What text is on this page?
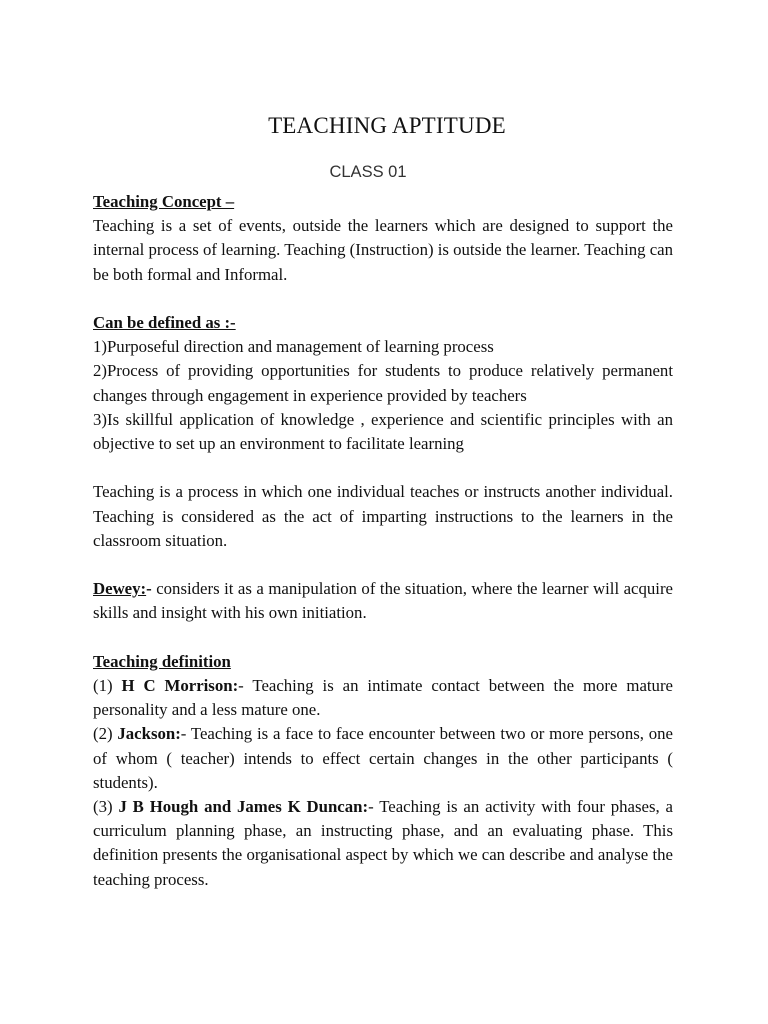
TEACHING APTITUDE
CLASS 01

Teaching Concept –

Teaching is a set of events, outside the learners which are designed to support the internal process of learning. Teaching (Instruction) is outside the learner. Teaching can be both formal and Informal.

Can be defined as :-

1)Purposeful direction and management of learning process

2)Process of providing opportunities for students to produce relatively permanent changes through engagement in experience provided by teachers

3)Is skillful application of knowledge , experience and scientific principles with an objective to set up an environment to facilitate learning

Teaching is a process in which one individual teaches or instructs another individual. Teaching is considered as the act of imparting instructions to the learners in the classroom situation.

Dewey:- considers it as a manipulation of the situation, where the learner will acquire skills and insight with his own initiation.

Teaching definition

(1) H C Morrison:- Teaching is an intimate contact between the more mature personality and a less mature one.

(2) Jackson:- Teaching is a face to face encounter between two or more persons, one of whom ( teacher) intends to effect certain changes in the other participants ( students).

(3) J B Hough and James K Duncan:- Teaching is an activity with four phases, a curriculum planning phase, an instructing phase, and an evaluating phase. This definition presents the organisational aspect by which we can describe and analyse the teaching process.
